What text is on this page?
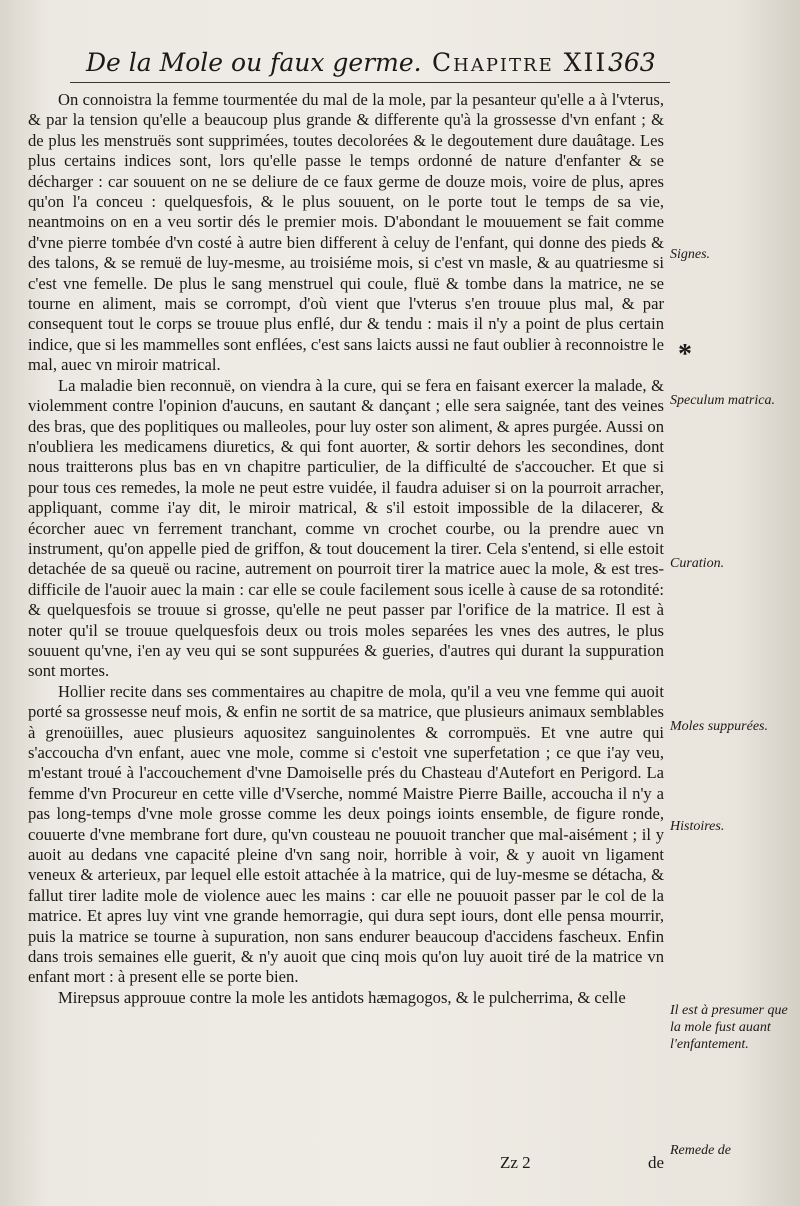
De la Mole ou faux germe. Chapitre XII.
363

On connoistra la femme tourmentée du mal de la mole, par la pesanteur qu'elle a à l'vterus, & par la tension qu'elle a beaucoup plus grande & differente qu'à la grossesse d'vn enfant ; & de plus les menstruës sont supprimées, toutes decolorées & le degoutement dure dauâtage. Les plus certains indices sont, lors qu'elle passe le temps ordonné de nature d'enfanter & se décharger : car souuent on ne se deliure de ce faux germe de douze mois, voire de plus, apres qu'on l'a conceu : quelquesfois, & le plus souuent, on le porte tout le temps de sa vie, neantmoins on en a veu sortir dés le premier mois. D'abondant le mouuement se fait comme d'vne pierre tombée d'vn costé à autre bien different à celuy de l'enfant, qui donne des pieds & des talons, & se remuë de luy-mesme, au troisiéme mois, si c'est vn masle, & au quatriesme si c'est vne femelle. De plus le sang menstruel qui coule, fluë & tombe dans la matrice, ne se tourne en aliment, mais se corrompt, d'où vient que l'vterus s'en trouue plus mal, & par consequent tout le corps se trouue plus enflé, dur & tendu : mais il n'y a point de plus certain indice, que si les mammelles sont enflées, c'est sans laicts aussi ne faut oublier à reconnoistre le mal, auec vn miroir matrical.

La maladie bien reconnuë, on viendra à la cure, qui se fera en faisant exercer la malade, & violemment contre l'opinion d'aucuns, en sautant & dançant ; elle sera saignée, tant des veines des bras, que des poplitiques ou malleoles, pour luy oster son aliment, & apres purgée. Aussi on n'oubliera les medicamens diuretics, & qui font auorter, & sortir dehors les secondines, dont nous traitterons plus bas en vn chapitre particulier, de la difficulté de s'accoucher. Et que si pour tous ces remedes, la mole ne peut estre vuidée, il faudra aduiser si on la pourroit arracher, appliquant, comme i'ay dit, le miroir matrical, & s'il estoit impossible de la dilacerer, & écorcher auec vn ferrement tranchant, comme vn crochet courbe, ou la prendre auec vn instrument, qu'on appelle pied de griffon, & tout doucement la tirer. Cela s'entend, si elle estoit detachée de sa queuë ou racine, autrement on pourroit tirer la matrice auec la mole, & est tres-difficile de l'auoir auec la main : car elle se coule facilement sous icelle à cause de sa rotondité: & quelquesfois se trouue si grosse, qu'elle ne peut passer par l'orifice de la matrice. Il est à noter qu'il se trouue quelquesfois deux ou trois moles separées les vnes des autres, le plus souuent qu'vne, i'en ay veu qui se sont suppurées & gueries, d'autres qui durant la suppuration sont mortes.

Hollier recite dans ses commentaires au chapitre de mola, qu'il a veu vne femme qui auoit porté sa grossesse neuf mois, & enfin ne sortit de sa matrice, que plusieurs animaux semblables à grenoüilles, auec plusieurs aquositez sanguinolentes & corrompuës. Et vne autre qui s'accoucha d'vn enfant, auec vne mole, comme si c'estoit vne superfetation ; ce que i'ay veu, m'estant troué à l'accouchement d'vne Damoiselle prés du Chasteau d'Autefort en Perigord. La femme d'vn Procureur en cette ville d'Vserche, nommé Maistre Pierre Baille, accoucha il n'y a pas long-temps d'vne mole grosse comme les deux poings ioints ensemble, de figure ronde, couuerte d'vne membrane fort dure, qu'vn cousteau ne pouuoit trancher que mal-aisément ; il y auoit au dedans vne capacité pleine d'vn sang noir, horrible à voir, & y auoit vn ligament veneux & arterieux, par lequel elle estoit attachée à la matrice, qui de luy-mesme se détacha, & fallut tirer ladite mole de violence auec les mains : car elle ne pouuoit passer par le col de la matrice. Et apres luy vint vne grande hemorragie, qui dura sept iours, dont elle pensa mourrir, puis la matrice se tourne à supuration, non sans endurer beaucoup d'accidens fascheux. Enfin dans trois semaines elle guerit, & n'y auoit que cinq mois qu'on luy auoit tiré de la matrice vn enfant mort : à present elle se porte bien.

Mirepsus approuue contre la mole les antidots hæmagogos, & le pulcherrima, & celle

Signes.
*
Speculum matrica.
Curation.
Moles suppurées.
Histoires.
Il est à presumer que la mole fust auant l'enfantement.
Remede de
Zz 2	de
